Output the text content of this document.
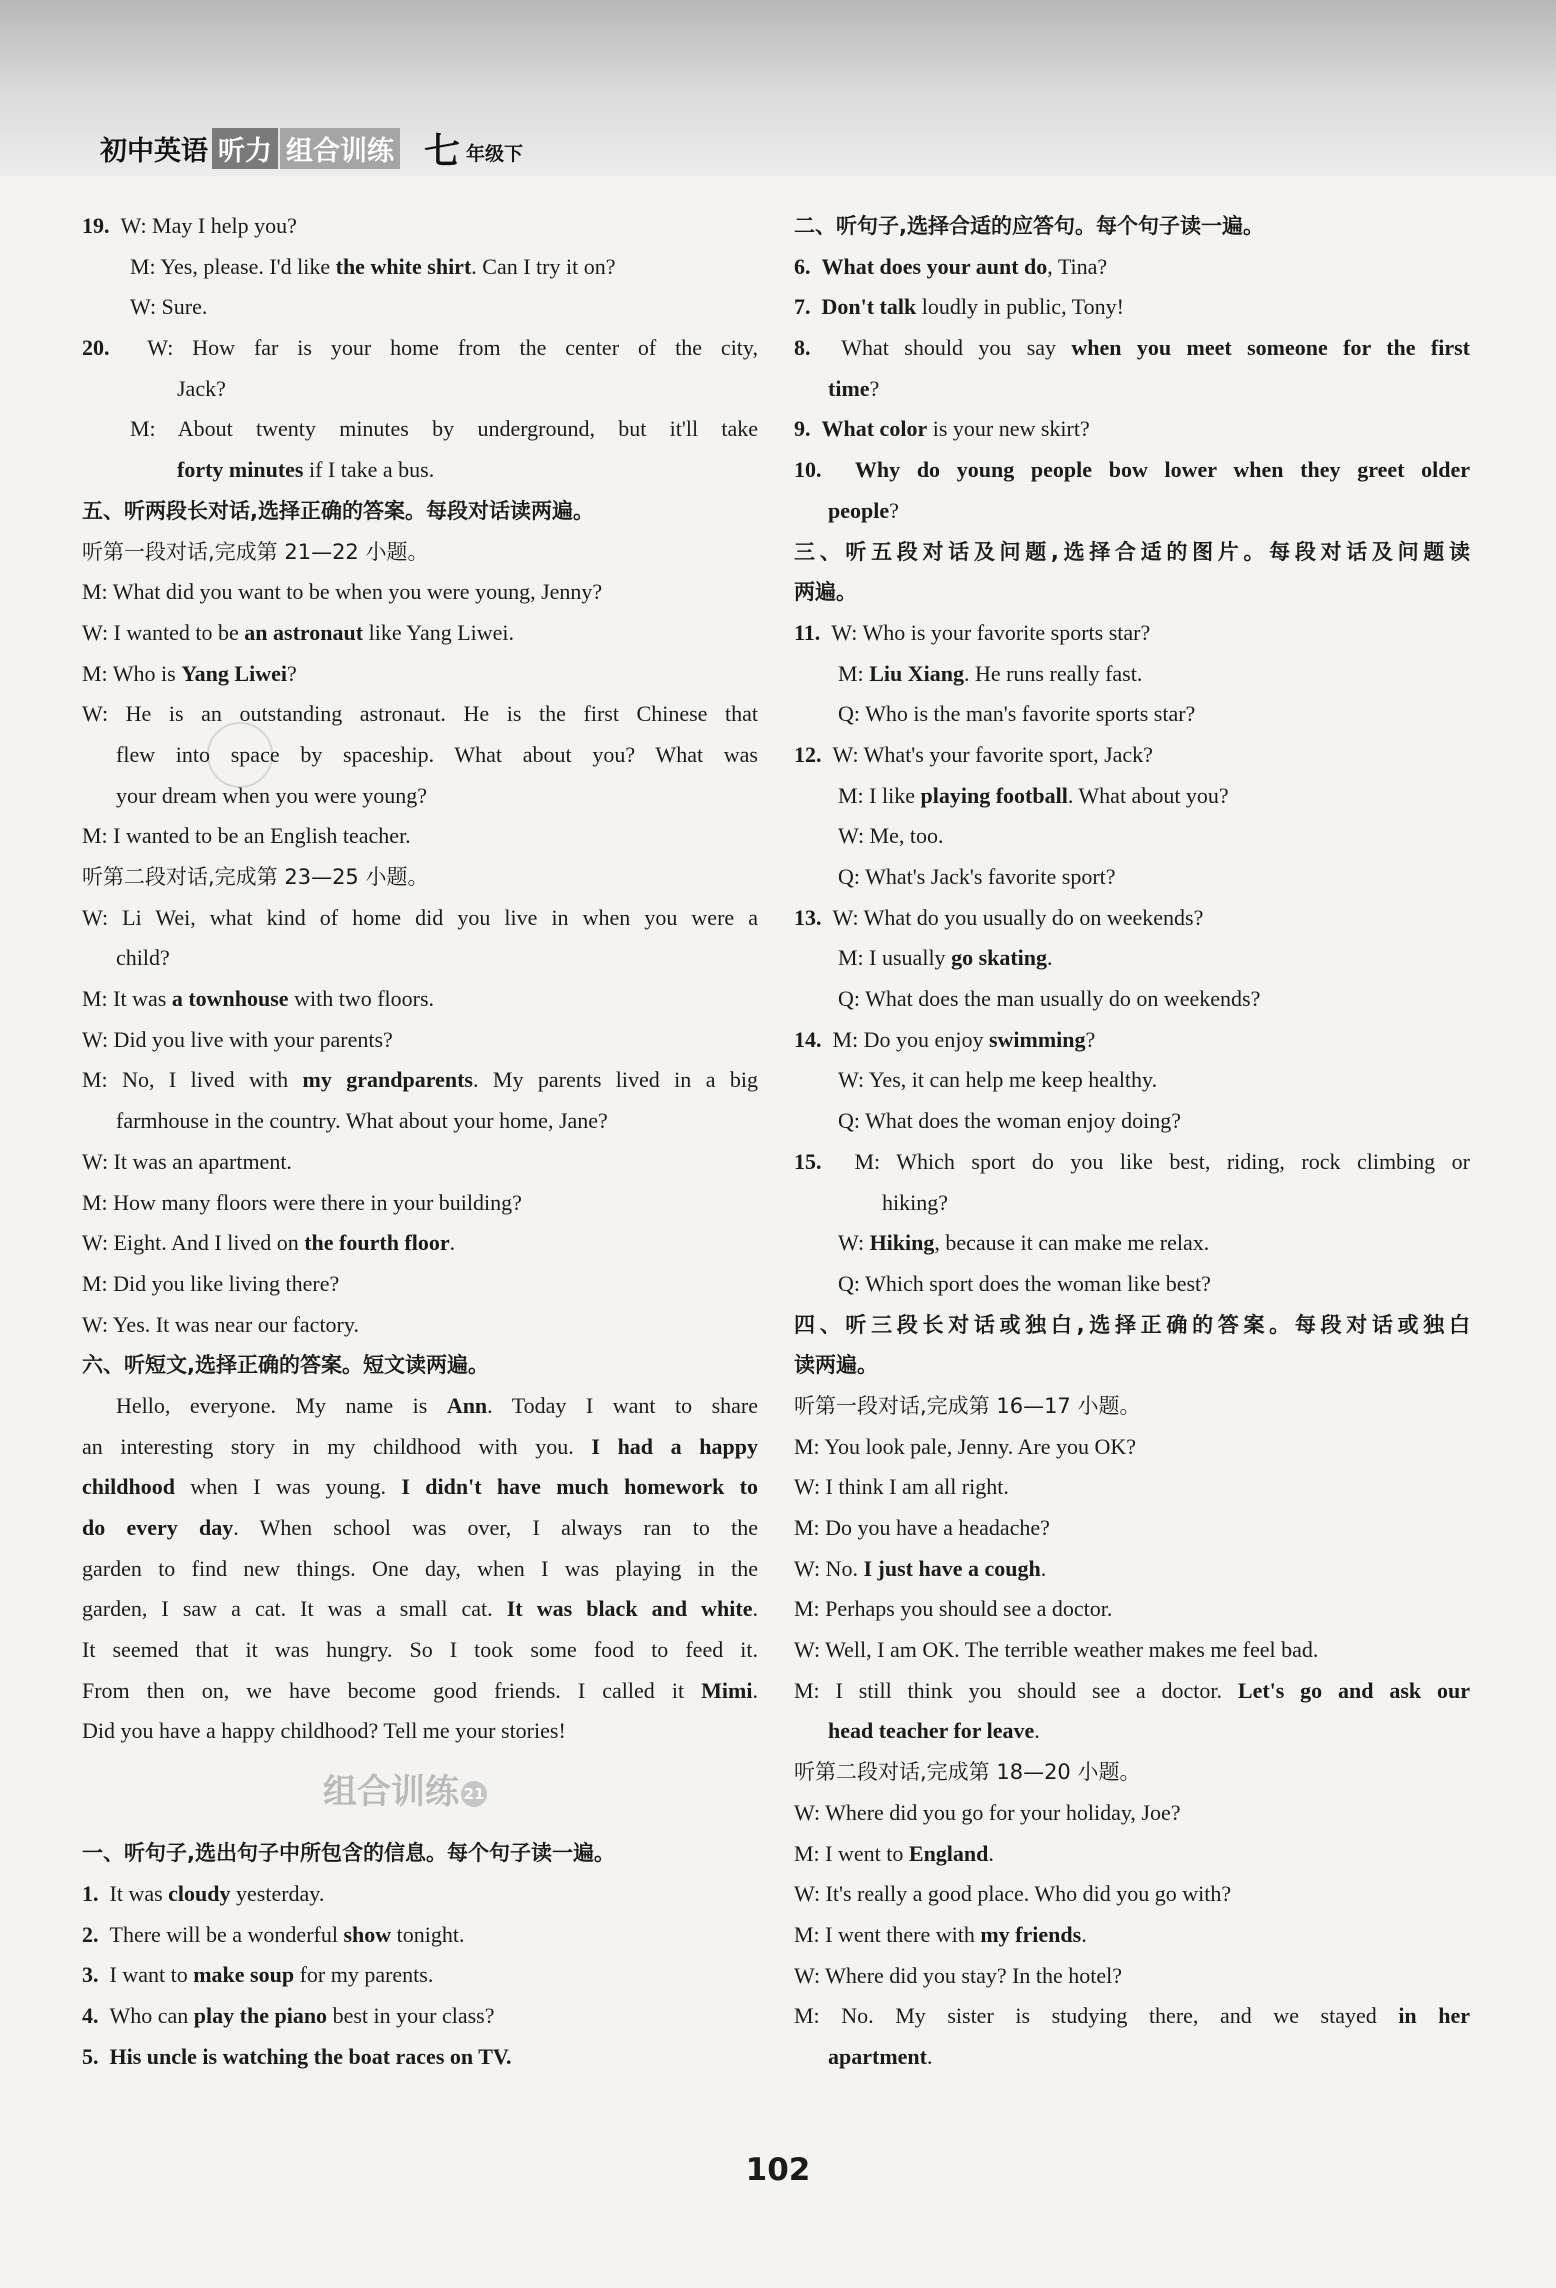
初中英语 听力 组合训练 七 年级下
19.  W: May I help you?
M: Yes, please. I'd like the white shirt. Can I try it on?
W: Sure.
20.  W: How far is your home from the center of the city,
Jack?
M: About twenty minutes by underground, but it'll take
forty minutes if I take a bus.
五、听两段长对话,选择正确的答案。每段对话读两遍。
听第一段对话,完成第 21—22 小题。
M: What did you want to be when you were young, Jenny?
W: I wanted to be an astronaut like Yang Liwei.
M: Who is Yang Liwei?
W: He is an outstanding astronaut. He is the first Chinese that
flew into space by spaceship. What about you? What was
your dream when you were young?
M: I wanted to be an English teacher.
听第二段对话,完成第 23—25 小题。
W: Li Wei, what kind of home did you live in when you were a
child?
M: It was a townhouse with two floors.
W: Did you live with your parents?
M: No, I lived with my grandparents. My parents lived in a big
farmhouse in the country. What about your home, Jane?
W: It was an apartment.
M: How many floors were there in your building?
W: Eight. And I lived on the fourth floor.
M: Did you like living there?
W: Yes. It was near our factory.
六、听短文,选择正确的答案。短文读两遍。
Hello, everyone. My name is Ann. Today I want to share
an interesting story in my childhood with you. I had a happy
childhood when I was young. I didn't have much homework to
do every day. When school was over, I always ran to the
garden to find new things. One day, when I was playing in the
garden, I saw a cat. It was a small cat. It was black and white.
It seemed that it was hungry. So I took some food to feed it.
From then on, we have become good friends. I called it Mimi.
Did you have a happy childhood? Tell me your stories!
组合训练 21
一、听句子,选出句子中所包含的信息。每个句子读一遍。
1.  It was cloudy yesterday.
2.  There will be a wonderful show tonight.
3.  I want to make soup for my parents.
4.  Who can play the piano best in your class?
5.  His uncle is watching the boat races on TV.
二、听句子,选择合适的应答句。每个句子读一遍。
6. What does your aunt do, Tina?
7. Don't talk loudly in public, Tony!
8.  What should you say when you meet someone for the first
time?
9. What color is your new skirt?
10. Why do young people bow lower when they greet older
people?
三、听五段对话及问题,选择合适的图片。每段对话及问题读
两遍。
11.  W: Who is your favorite sports star?
M: Liu Xiang. He runs really fast.
Q: Who is the man's favorite sports star?
12.  W: What's your favorite sport, Jack?
M: I like playing football. What about you?
W: Me, too.
Q: What's Jack's favorite sport?
13.  W: What do you usually do on weekends?
M: I usually go skating.
Q: What does the man usually do on weekends?
14.  M: Do you enjoy swimming?
W: Yes, it can help me keep healthy.
Q: What does the woman enjoy doing?
15.  M: Which sport do you like best, riding, rock climbing or
hiking?
W: Hiking, because it can make me relax.
Q: Which sport does the woman like best?
四、听三段长对话或独白,选择正确的答案。每段对话或独白
读两遍。
听第一段对话,完成第 16—17 小题。
M: You look pale, Jenny. Are you OK?
W: I think I am all right.
M: Do you have a headache?
W: No. I just have a cough.
M: Perhaps you should see a doctor.
W: Well, I am OK. The terrible weather makes me feel bad.
M: I still think you should see a doctor. Let's go and ask our
head teacher for leave.
听第二段对话,完成第 18—20 小题。
W: Where did you go for your holiday, Joe?
M: I went to England.
W: It's really a good place. Who did you go with?
M: I went there with my friends.
W: Where did you stay? In the hotel?
M: No. My sister is studying there, and we stayed in her
apartment.
102
